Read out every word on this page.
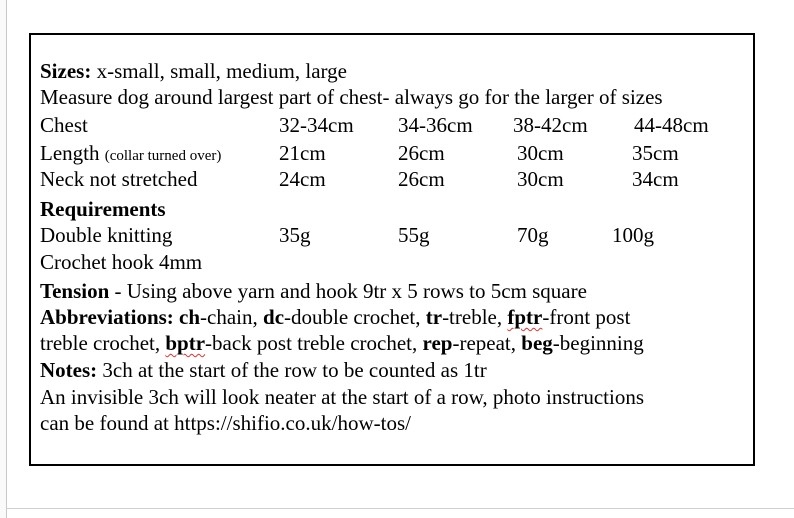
Sizes: x-small, small, medium, large
Measure dog around largest part of chest- always go for the larger of sizes
Chest	32-34cm 34-36cm 38-42cm 44-48cm
Length (collar turned over)	21cm	26cm	30cm	35cm
Neck not stretched	24cm	26cm	30cm	34cm
Requirements
Double knitting	35g	55g	70g	100g
Crochet hook 4mm
Tension - Using above yarn and hook 9tr x 5 rows to 5cm square
Abbreviations: ch-chain, dc-double crochet, tr-treble, fptr-front post
treble crochet, bptr-back post treble crochet, rep-repeat, beg-beginning
Notes: 3ch at the start of the row to be counted as 1tr
An invisible 3ch will look neater at the start of a row, photo instructions
can be found at https://shifio.co.uk/how-tos/
